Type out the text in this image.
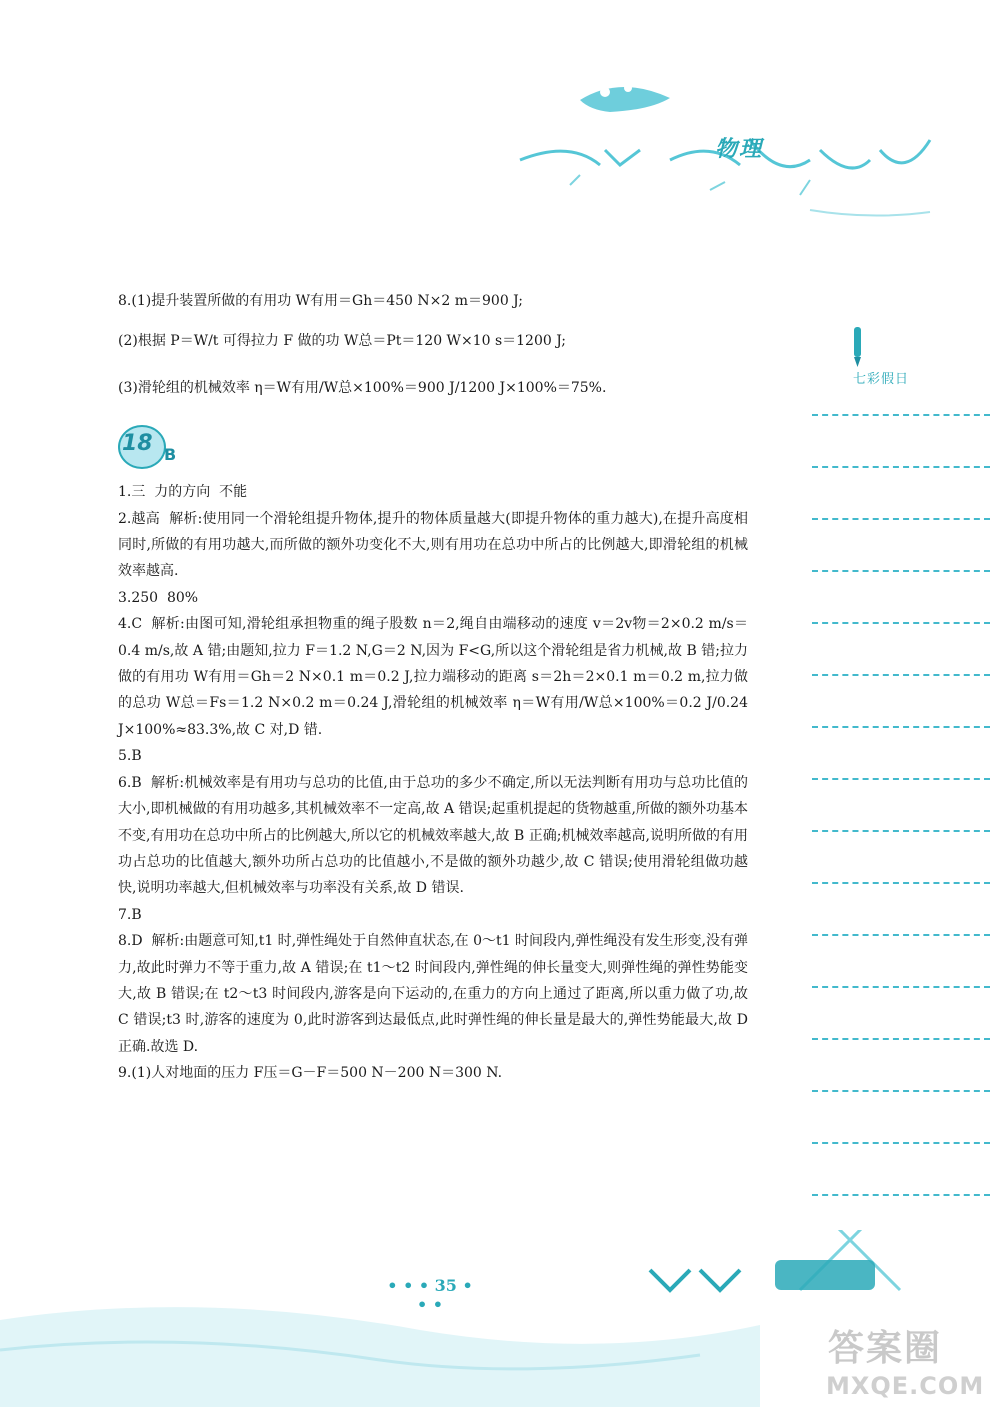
物理
七彩假日

8.(1)提升装置所做的有用功 W有用＝Gh＝450 N×2 m＝900 J;

(2)根据 P＝W/t 可得拉力 F 做的功 W总＝Pt＝120 W×10 s＝1200 J;

(3)滑轮组的机械效率 η＝W有用/W总×100%＝900 J/1200 J×100%＝75%.

18 B

1.三  力的方向  不能

2.越高  解析:使用同一个滑轮组提升物体,提升的物体质量越大(即提升物体的重力越大),在提升高度相同时,所做的有用功越大,而所做的额外功变化不大,则有用功在总功中所占的比例越大,即滑轮组的机械效率越高.

3.250  80%

4.C  解析:由图可知,滑轮组承担物重的绳子股数 n＝2,绳自由端移动的速度 v＝2v物＝2×0.2 m/s＝0.4 m/s,故 A 错;由题知,拉力 F＝1.2 N,G＝2 N,因为 F<G,所以这个滑轮组是省力机械,故 B 错;拉力做的有用功 W有用＝Gh＝2 N×0.1 m＝0.2 J,拉力端移动的距离 s＝2h＝2×0.1 m＝0.2 m,拉力做的总功 W总＝Fs＝1.2 N×0.2 m＝0.24 J,滑轮组的机械效率 η＝W有用/W总×100%＝0.2 J/0.24 J×100%≈83.3%,故 C 对,D 错.

5.B

6.B  解析:机械效率是有用功与总功的比值,由于总功的多少不确定,所以无法判断有用功与总功比值的大小,即机械做的有用功越多,其机械效率不一定高,故 A 错误;起重机提起的货物越重,所做的额外功基本不变,有用功在总功中所占的比例越大,所以它的机械效率越大,故 B 正确;机械效率越高,说明所做的有用功占总功的比值越大,额外功所占总功的比值越小,不是做的额外功越少,故 C 错误;使用滑轮组做功越快,说明功率越大,但机械效率与功率没有关系,故 D 错误.

7.B

8.D  解析:由题意可知,t1 时,弹性绳处于自然伸直状态,在 0～t1 时间段内,弹性绳没有发生形变,没有弹力,故此时弹力不等于重力,故 A 错误;在 t1～t2 时间段内,弹性绳的伸长量变大,则弹性绳的弹性势能变大,故 B 错误;在 t2～t3 时间段内,游客是向下运动的,在重力的方向上通过了距离,所以重力做了功,故 C 错误;t3 时,游客的速度为 0,此时游客到达最低点,此时弹性绳的伸长量是最大的,弹性势能最大,故 D 正确.故选 D.

9.(1)人对地面的压力 F压＝G－F＝500 N－200 N＝300 N.

• • • 35 • • •
答案圈
MXQE.COM
